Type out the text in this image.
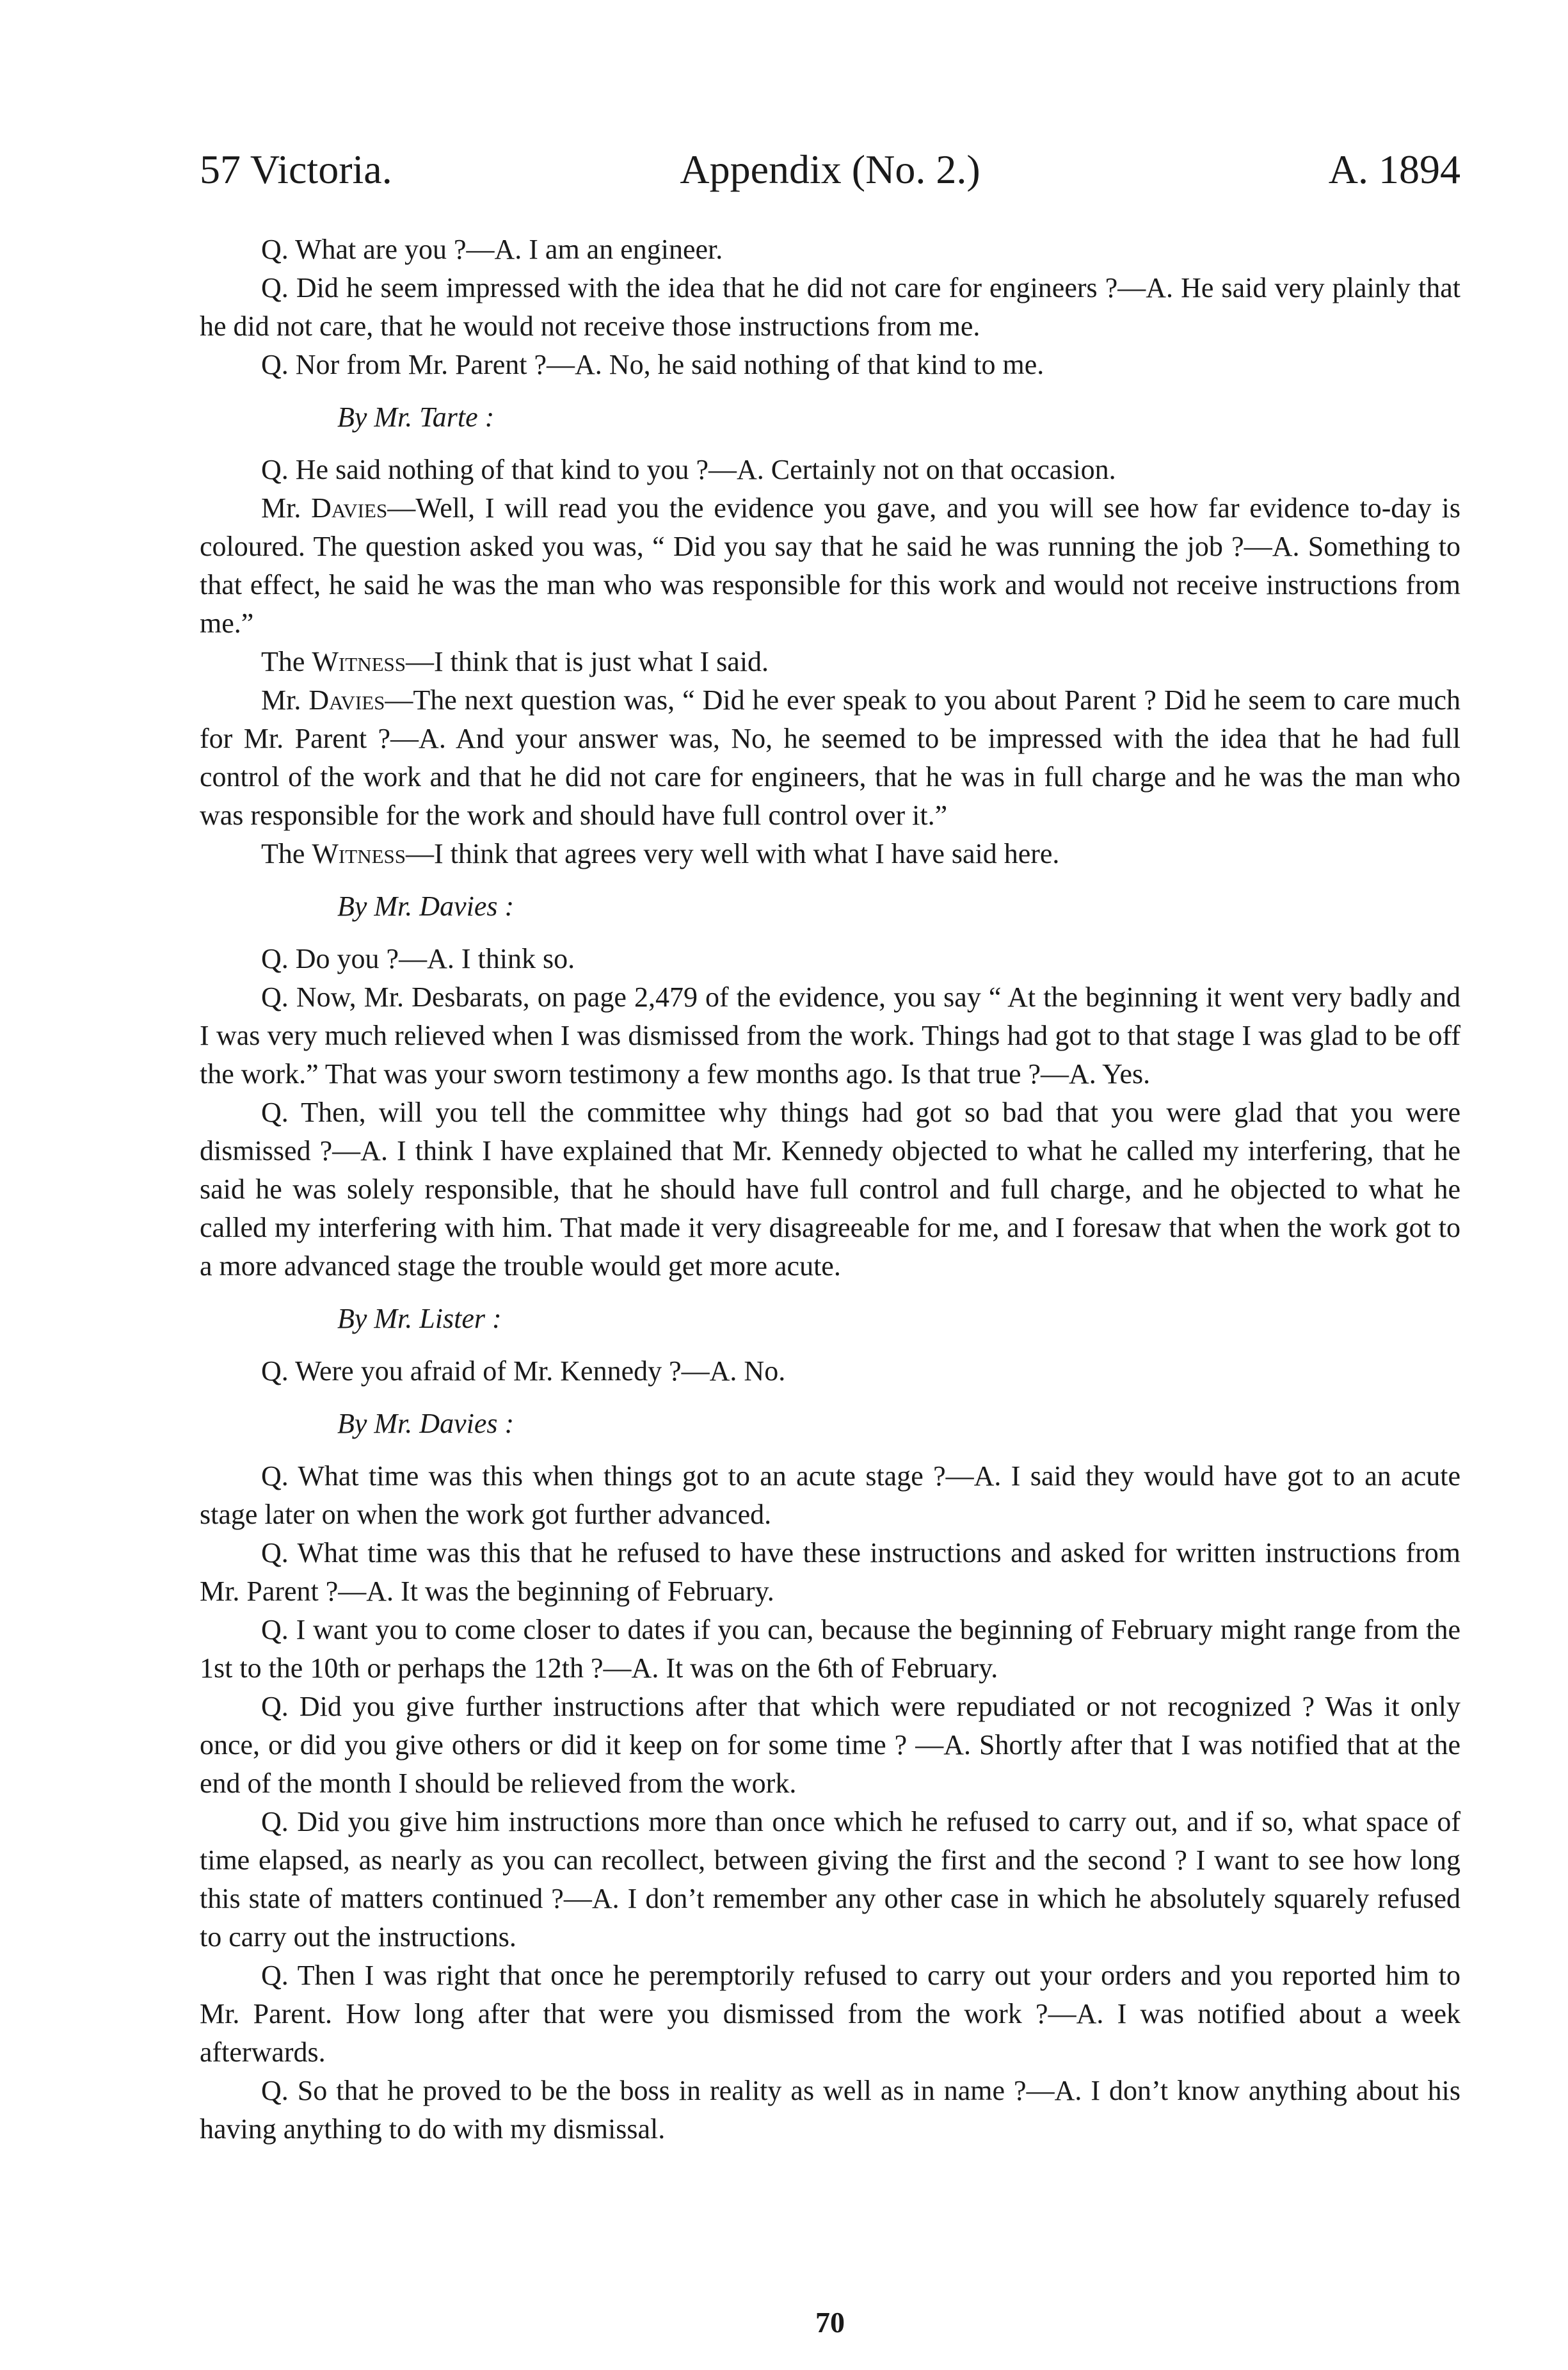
57 Victoria.	Appendix (No. 2.)	A. 1894

Q. What are you ?—A. I am an engineer.

Q. Did he seem impressed with the idea that he did not care for engineers ?—A. He said very plainly that he did not care, that he would not receive those instructions from me.

Q. Nor from Mr. Parent ?—A. No, he said nothing of that kind to me.

By Mr. Tarte :

Q. He said nothing of that kind to you ?—A. Certainly not on that occasion.

Mr. Davies—Well, I will read you the evidence you gave, and you will see how far evidence to-day is coloured. The question asked you was, “ Did you say that he said he was running the job ?—A. Something to that effect, he said he was the man who was responsible for this work and would not receive instructions from me.”

The Witness—I think that is just what I said.

Mr. Davies—The next question was, “ Did he ever speak to you about Parent ? Did he seem to care much for Mr. Parent ?—A. And your answer was, No, he seemed to be impressed with the idea that he had full control of the work and that he did not care for engineers, that he was in full charge and he was the man who was responsible for the work and should have full control over it.”

The Witness—I think that agrees very well with what I have said here.

By Mr. Davies :

Q. Do you ?—A. I think so.

Q. Now, Mr. Desbarats, on page 2,479 of the evidence, you say “ At the beginning it went very badly and I was very much relieved when I was dismissed from the work. Things had got to that stage I was glad to be off the work.” That was your sworn testimony a few months ago. Is that true ?—A. Yes.

Q. Then, will you tell the committee why things had got so bad that you were glad that you were dismissed ?—A. I think I have explained that Mr. Kennedy objected to what he called my interfering, that he said he was solely responsible, that he should have full control and full charge, and he objected to what he called my interfering with him. That made it very disagreeable for me, and I foresaw that when the work got to a more advanced stage the trouble would get more acute.

By Mr. Lister :

Q. Were you afraid of Mr. Kennedy ?—A. No.

By Mr. Davies :

Q. What time was this when things got to an acute stage ?—A. I said they would have got to an acute stage later on when the work got further advanced.

Q. What time was this that he refused to have these instructions and asked for written instructions from Mr. Parent ?—A. It was the beginning of February.

Q. I want you to come closer to dates if you can, because the beginning of February might range from the 1st to the 10th or perhaps the 12th ?—A. It was on the 6th of February.

Q. Did you give further instructions after that which were repudiated or not recognized ? Was it only once, or did you give others or did it keep on for some time ? —A. Shortly after that I was notified that at the end of the month I should be relieved from the work.

Q. Did you give him instructions more than once which he refused to carry out, and if so, what space of time elapsed, as nearly as you can recollect, between giving the first and the second ? I want to see how long this state of matters continued ?—A. I don’t remember any other case in which he absolutely squarely refused to carry out the instructions.

Q. Then I was right that once he peremptorily refused to carry out your orders and you reported him to Mr. Parent. How long after that were you dismissed from the work ?—A. I was notified about a week afterwards.

Q. So that he proved to be the boss in reality as well as in name ?—A. I don’t know anything about his having anything to do with my dismissal.

70
